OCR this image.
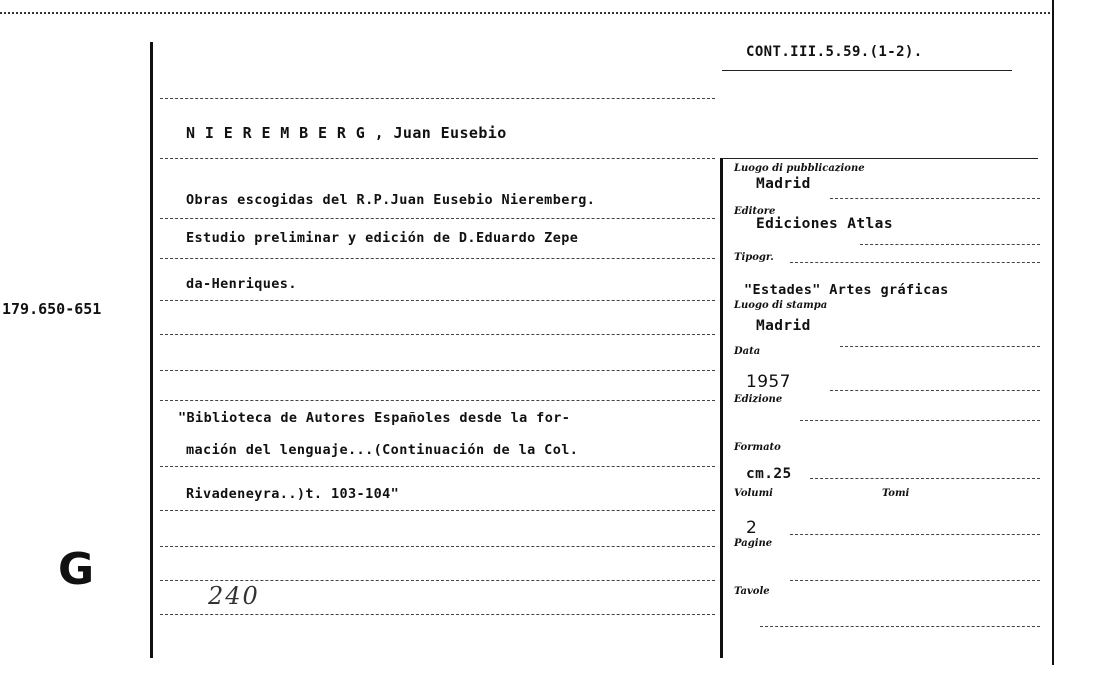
CONT.III.5.59.(1-2).
179.650-651
G
N I E R E M B E R G , Juan Eusebio
Obras escogidas del R.P.Juan Eusebio Nieremberg.
Estudio preliminar y edición de D.Eduardo Zepe
da-Henriques.
"Biblioteca de Autores Españoles desde la for-
mación del lenguaje...(Continuación de la Col.
Rivadeneyra..)t. 103-104"
240
Luogo di pubblicazione
Madrid
Editore
Ediciones Atlas
Tipogr.
"Estades" Artes gráficas
Luogo di stampa
Madrid
Data
1957
Edizione
Formato
cm.25
Volumi	Tomi
2
Pagine
Tavole
